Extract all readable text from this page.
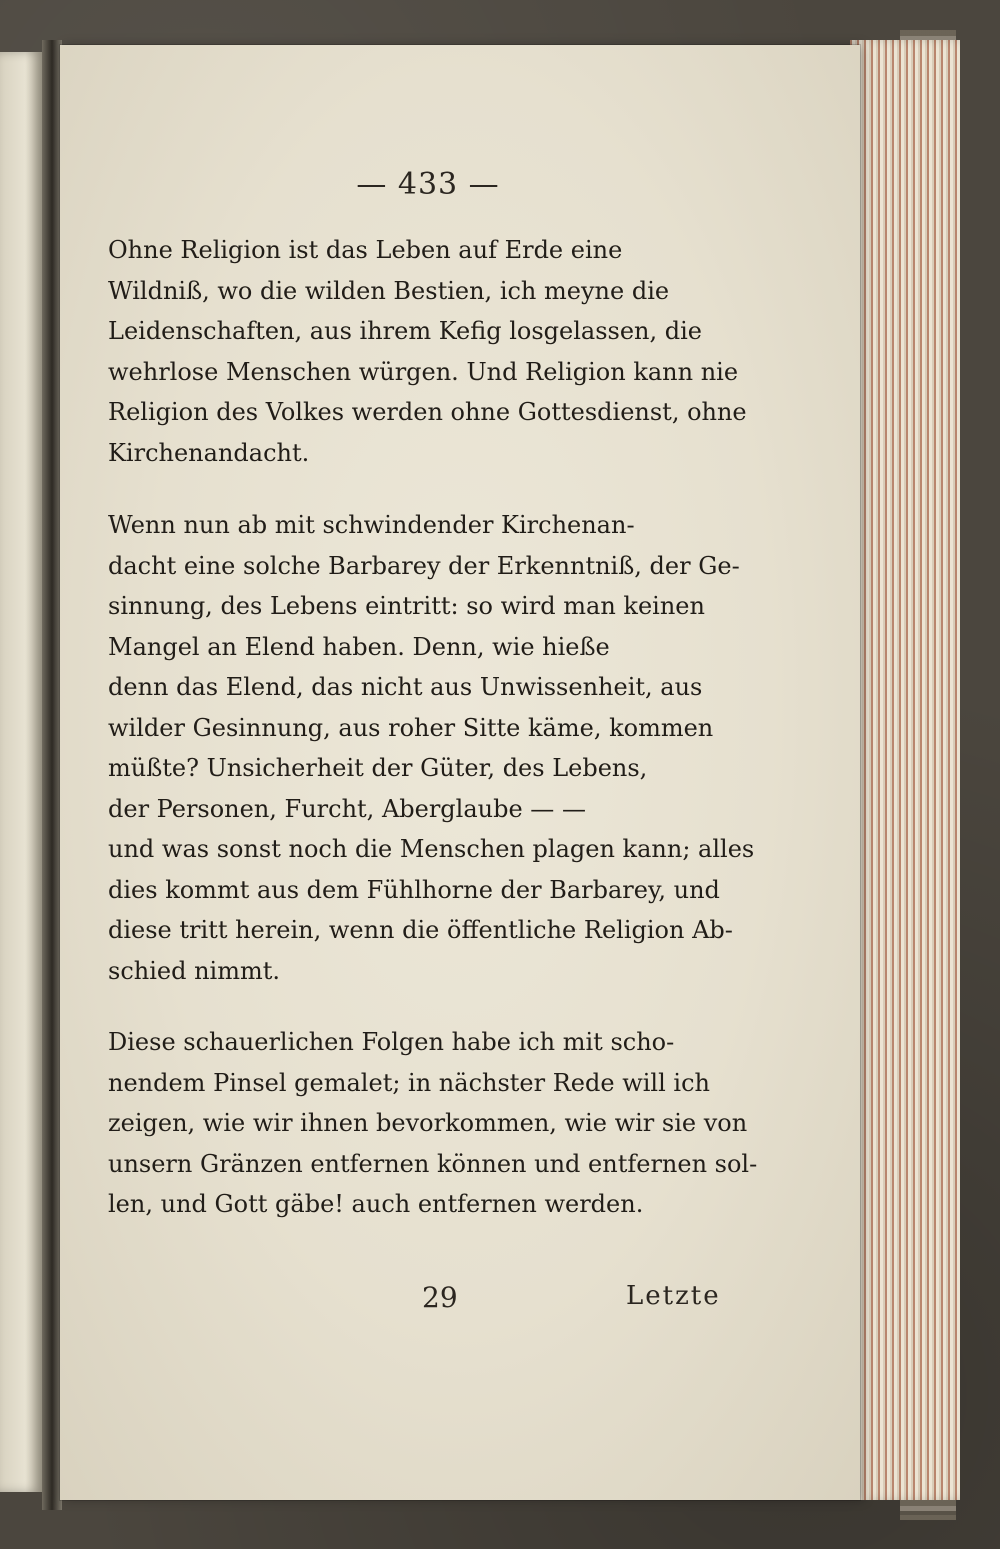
— 433 —
Ohne Religion ist das Leben auf Erde eine
Wildniß, wo die wilden Bestien, ich meyne die
Leidenschaften, aus ihrem Kefig losgelassen, die
wehrlose Menschen würgen. Und Religion kann nie
Religion des Volkes werden ohne Gottesdienst, ohne
Kirchenandacht.
Wenn nun ab mit schwindender Kirchenan-
dacht eine solche Barbarey der Erkenntniß, der Ge-
sinnung, des Lebens eintritt: so wird man keinen
Mangel an Elend haben. Denn, wie hieße
denn das Elend, das nicht aus Unwissenheit, aus
wilder Gesinnung, aus roher Sitte käme, kommen
müßte? Unsicherheit der Güter, des Lebens,
der Personen, Furcht, Aberglaube — —
und was sonst noch die Menschen plagen kann; alles
dies kommt aus dem Fühlhorne der Barbarey, und
diese tritt herein, wenn die öffentliche Religion Ab-
schied nimmt.
Diese schauerlichen Folgen habe ich mit scho-
nendem Pinsel gemalet; in nächster Rede will ich
zeigen, wie wir ihnen bevorkommen, wie wir sie von
unsern Gränzen entfernen können und entfernen sol-
len, und Gott gäbe! auch entfernen werden.
29	Letzte
